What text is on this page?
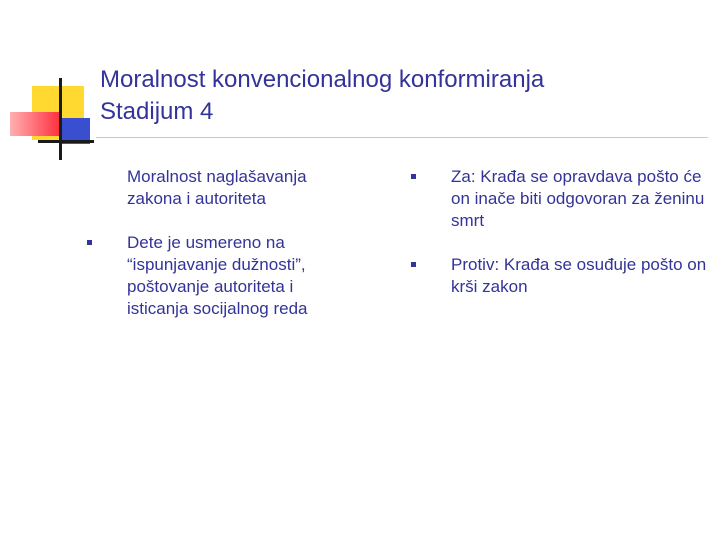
Moralnost konvencionalnog konformiranja
Stadijum 4
Moralnost naglašavanja zakona i autoriteta
Dete je usmereno na “ispunjavanje dužnosti”, poštovanje autoriteta i isticanja socijalnog reda
Za: Krađa se opravdava pošto će on inače biti odgovoran za ženinu smrt
Protiv: Krađa se osuđuje pošto on krši zakon
